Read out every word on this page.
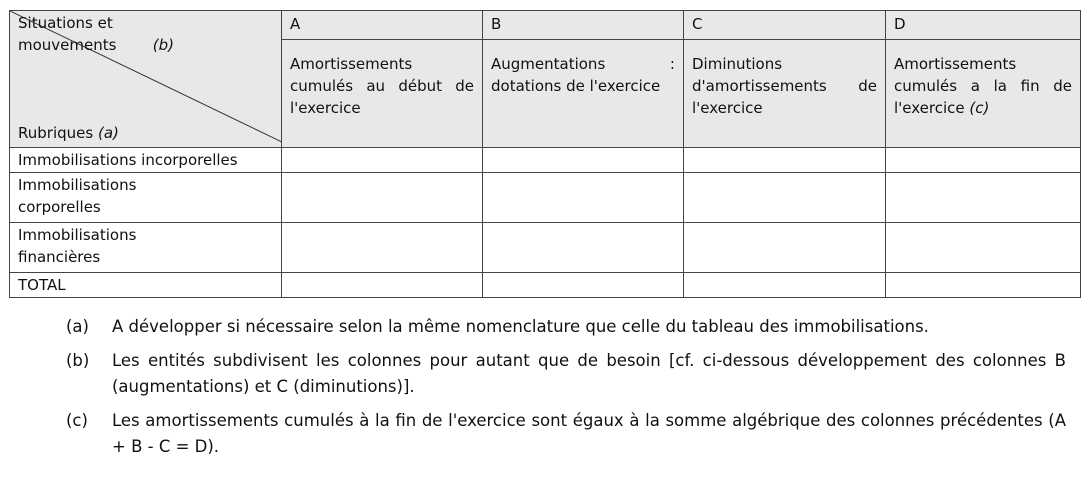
Situations et mouvements (b)
Rubriques (a)	A	B	C	D
	Amortissements cumulés au début de l'exercice	Augmentations : dotations de l'exercice	Diminutions d'amortissements de l'exercice	Amortissements cumulés a la fin de l'exercice (c)
Immobilisations incorporelles				
Immobilisations corporelles				
Immobilisations financières				
TOTAL				
(a)	A développer si nécessaire selon la même nomenclature que celle du tableau des immobilisations.
(b)	Les entités subdivisent les colonnes pour autant que de besoin [cf. ci-dessous développement des colonnes B (augmentations) et C (diminutions)].
(c)	Les amortissements cumulés à la fin de l'exercice sont égaux à la somme algébrique des colonnes précédentes (A + B - C = D).
